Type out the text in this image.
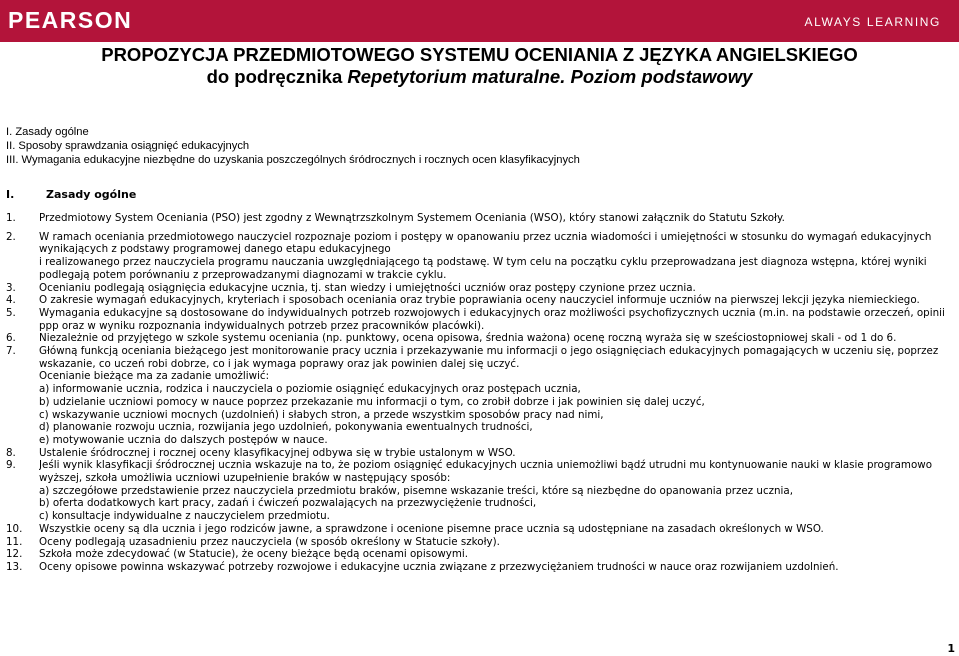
PEARSON	ALWAYS LEARNING
PROPOZYCJA PRZEDMIOTOWEGO SYSTEMU OCENIANIA Z JĘZYKA ANGIELSKIEGO
do podręcznika Repetytorium maturalne. Poziom podstawowy
I. Zasady ogólne
II. Sposoby sprawdzania osiągnięć edukacyjnych
III. Wymagania edukacyjne niezbędne do uzyskania poszczególnych śródrocznych i rocznych ocen klasyfikacyjnych
I.	Zasady ogólne
1.	Przedmiotowy System Oceniania (PSO) jest zgodny z Wewnątrzszkolnym Systemem Oceniania (WSO), który stanowi załącznik do Statutu Szkoły.
2.	W ramach oceniania przedmiotowego nauczyciel rozpoznaje poziom i postępy w opanowaniu przez ucznia wiadomości i umiejętności w stosunku do wymagań edukacyjnych
wynikających z podstawy programowej danego etapu edukacyjnego
i realizowanego przez nauczyciela programu nauczania uwzględniającego tą podstawę. W tym celu na początku cyklu przeprowadzana jest diagnoza wstępna, której wyniki
podlegają potem porównaniu z przeprowadzanymi diagnozami w trakcie cyklu.
3.	Ocenianiu podlegają osiągnięcia edukacyjne ucznia, tj. stan wiedzy i umiejętności uczniów oraz postępy czynione przez ucznia.
4.	O zakresie wymagań edukacyjnych, kryteriach i sposobach oceniania oraz trybie poprawiania oceny nauczyciel informuje uczniów na pierwszej lekcji języka niemieckiego.
5.	Wymagania edukacyjne są dostosowane do indywidualnych potrzeb rozwojowych i edukacyjnych oraz możliwości psychofizycznych ucznia (m.in. na podstawie orzeczeń, opinii
ppp oraz w wyniku rozpoznania indywidualnych potrzeb przez pracowników placówki).
6.	Niezależnie od przyjętego w szkole systemu oceniania (np. punktowy, ocena opisowa, średnia ważona) ocenę roczną wyraża się w sześciostopniowej skali - od 1 do 6.
7.	Główną funkcją oceniania bieżącego jest monitorowanie pracy ucznia i przekazywanie mu informacji o jego osiągnięciach edukacyjnych pomagających w uczeniu się, poprzez
wskazanie, co uczeń robi dobrze, co i jak wymaga poprawy oraz jak powinien dalej się uczyć.
Ocenianie bieżące ma za zadanie umożliwić:
a) informowanie ucznia, rodzica i nauczyciela o poziomie osiągnięć edukacyjnych oraz postępach ucznia,
b) udzielanie uczniowi pomocy w nauce poprzez przekazanie mu informacji o tym, co zrobił dobrze i jak powinien się dalej uczyć,
c) wskazywanie uczniowi mocnych (uzdolnień) i słabych stron, a przede wszystkim sposobów pracy nad nimi,
d) planowanie rozwoju ucznia, rozwijania jego uzdolnień, pokonywania ewentualnych trudności,
e) motywowanie ucznia do dalszych postępów w nauce.
8.	Ustalenie śródrocznej i rocznej oceny klasyfikacyjnej odbywa się w trybie ustalonym w WSO.
9.	Jeśli wynik klasyfikacji śródrocznej ucznia wskazuje na to, że poziom osiągnięć edukacyjnych ucznia uniemożliwi bądź utrudni mu kontynuowanie nauki w klasie programowo
wyższej, szkoła umożliwia uczniowi uzupełnienie braków w następujący sposób:
a) szczegółowe przedstawienie przez nauczyciela przedmiotu braków, pisemne wskazanie treści, które są niezbędne do opanowania przez ucznia,
b) oferta dodatkowych kart pracy, zadań i ćwiczeń pozwalających na przezwyciężenie trudności,
c) konsultacje indywidualne z nauczycielem przedmiotu.
10.	Wszystkie oceny są dla ucznia i jego rodziców jawne, a sprawdzone i ocenione pisemne prace ucznia są udostępniane na zasadach określonych w WSO.
11.	Oceny podlegają uzasadnieniu przez nauczyciela (w sposób określony w Statucie szkoły).
12.	Szkoła może zdecydować (w Statucie), że oceny bieżące będą ocenami opisowymi.
13.	Oceny opisowe powinna wskazywać potrzeby rozwojowe i edukacyjne ucznia związane z przezwyciężaniem trudności w nauce oraz rozwijaniem uzdolnień.
1
